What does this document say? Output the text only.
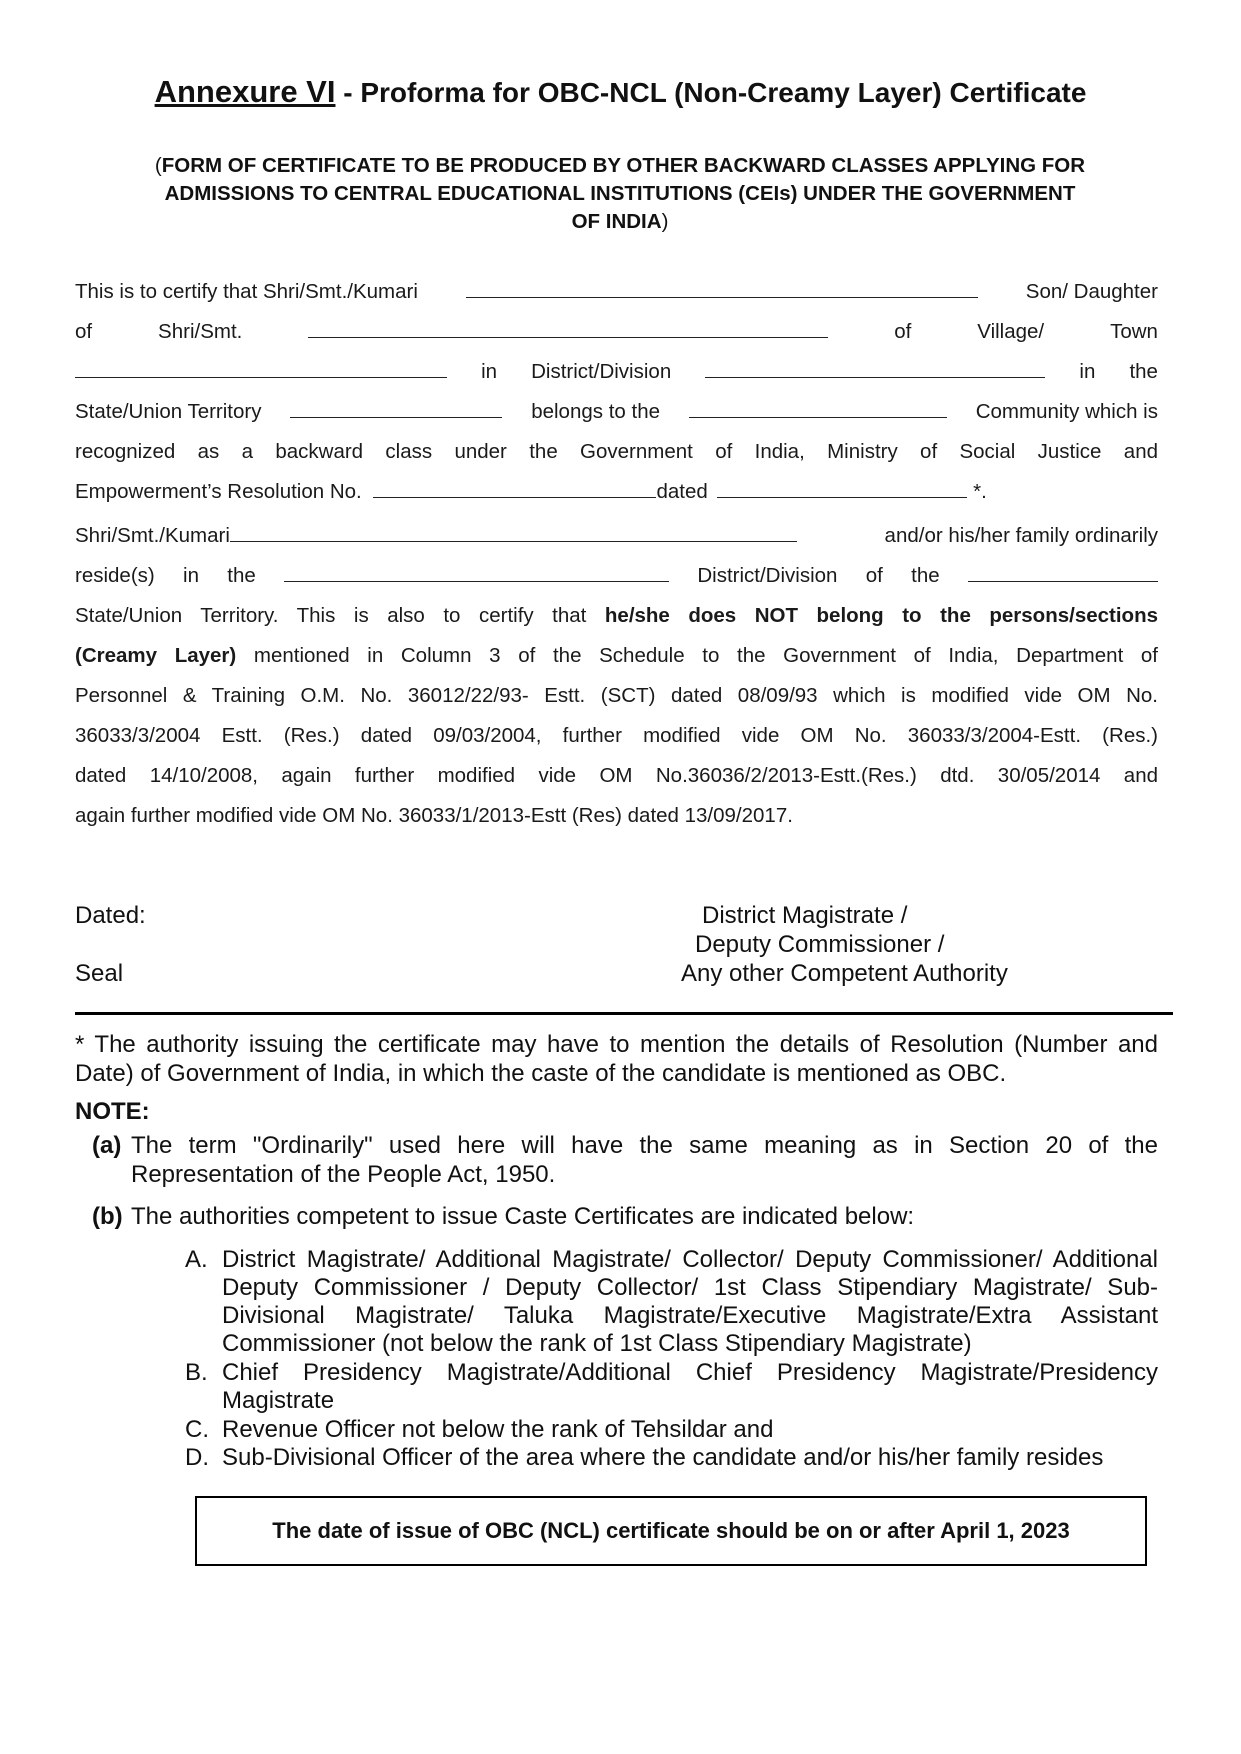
Annexure VI - Proforma for OBC-NCL (Non-Creamy Layer) Certificate
(FORM OF CERTIFICATE TO BE PRODUCED BY OTHER BACKWARD CLASSES APPLYING FOR
ADMISSIONS TO CENTRAL EDUCATIONAL INSTITUTIONS (CEIs) UNDER THE GOVERNMENT
OF INDIA)
This is to certify that Shri/Smt./Kumari	Son/ Daughter
of	Shri/Smt.	of	Village/	Town
in District/Division	in the
State/Union Territory	belongs to the	Community which is
recognized as a backward class under the Government of India, Ministry of Social Justice and
Empowerment’s Resolution No.	dated	*.
Shri/Smt./Kumari	and/or his/her family ordinarily
reside(s) in the	District/Division of the
State/Union Territory. This is also to certify that he/she does NOT belong to the persons/sections
(Creamy Layer) mentioned in Column 3 of the Schedule to the Government of India, Department of
Personnel & Training O.M. No. 36012/22/93- Estt. (SCT) dated 08/09/93 which is modified vide OM No.
36033/3/2004 Estt. (Res.) dated 09/03/2004, further modified vide OM No. 36033/3/2004-Estt. (Res.)
dated 14/10/2008, again further modified vide OM No.36036/2/2013-Estt.(Res.) dtd. 30/05/2014 and
again further modified vide OM No. 36033/1/2013-Estt (Res) dated 13/09/2017.
Dated:
Seal
District Magistrate /
Deputy Commissioner /
Any other Competent Authority
* The authority issuing the certificate may have to mention the details of Resolution (Number and Date) of Government of India, in which the caste of the candidate is mentioned as OBC.
NOTE:
(a) The term "Ordinarily" used here will have the same meaning as in Section 20 of the Representation of the People Act, 1950.
(b) The authorities competent to issue Caste Certificates are indicated below:
A. District Magistrate/ Additional Magistrate/ Collector/ Deputy Commissioner/ Additional Deputy Commissioner / Deputy Collector/ 1st Class Stipendiary Magistrate/ Sub-Divisional Magistrate/ Taluka Magistrate/Executive Magistrate/Extra Assistant Commissioner (not below the rank of 1st Class Stipendiary Magistrate)
B. Chief Presidency Magistrate/Additional Chief Presidency Magistrate/Presidency Magistrate
C. Revenue Officer not below the rank of Tehsildar and
D. Sub-Divisional Officer of the area where the candidate and/or his/her family resides
The date of issue of OBC (NCL) certificate should be on or after April 1, 2023
